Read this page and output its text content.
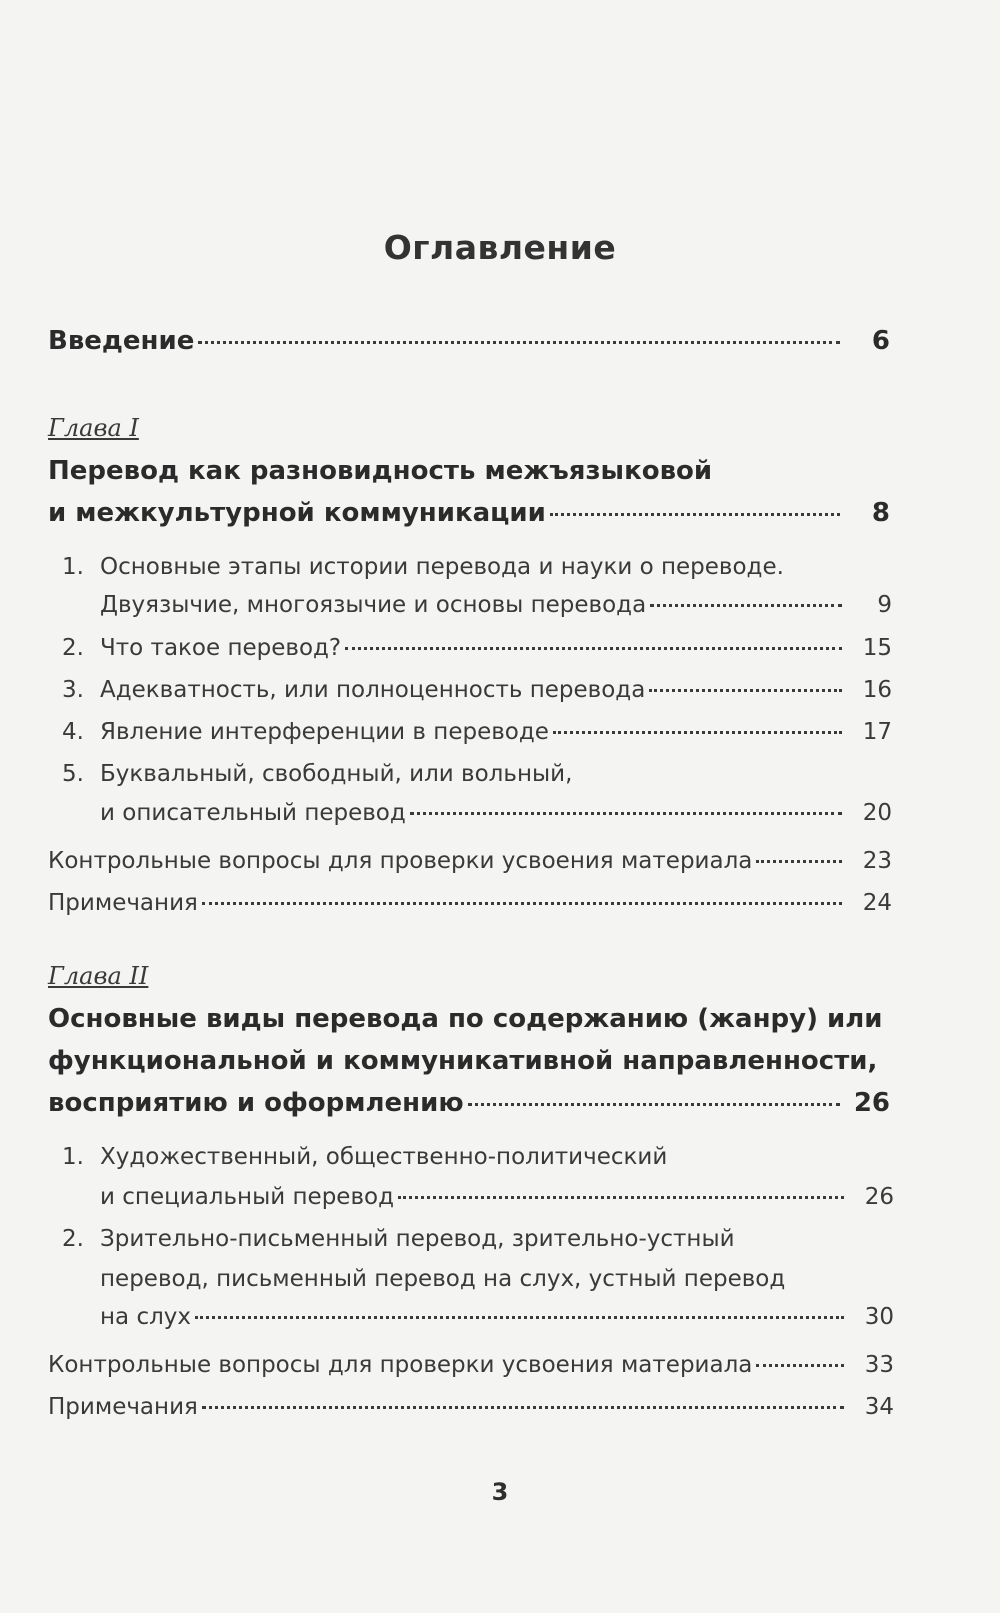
Оглавление
Введение	6
Глава I
Перевод как разновидность межъязыковой
и межкультурной коммуникации	8
1. Основные этапы истории перевода и науки о переводе.
Двуязычие, многоязычие и основы перевода	9
2. Что такое перевод?	15
3. Адекватность, или полноценность перевода	16
4. Явление интерференции в переводе	17
5. Буквальный, свободный, или вольный,
и описательный перевод	20
Контрольные вопросы для проверки усвоения материала	23
Примечания	24
Глава II
Основные виды перевода по содержанию (жанру) или
функциональной и коммуникативной направленности,
восприятию и оформлению	26
1. Художественный, общественно-политический
и специальный перевод	26
2. Зрительно-письменный перевод, зрительно-устный
перевод, письменный перевод на слух, устный перевод
на слух	30
Контрольные вопросы для проверки усвоения материала	33
Примечания	34
3
